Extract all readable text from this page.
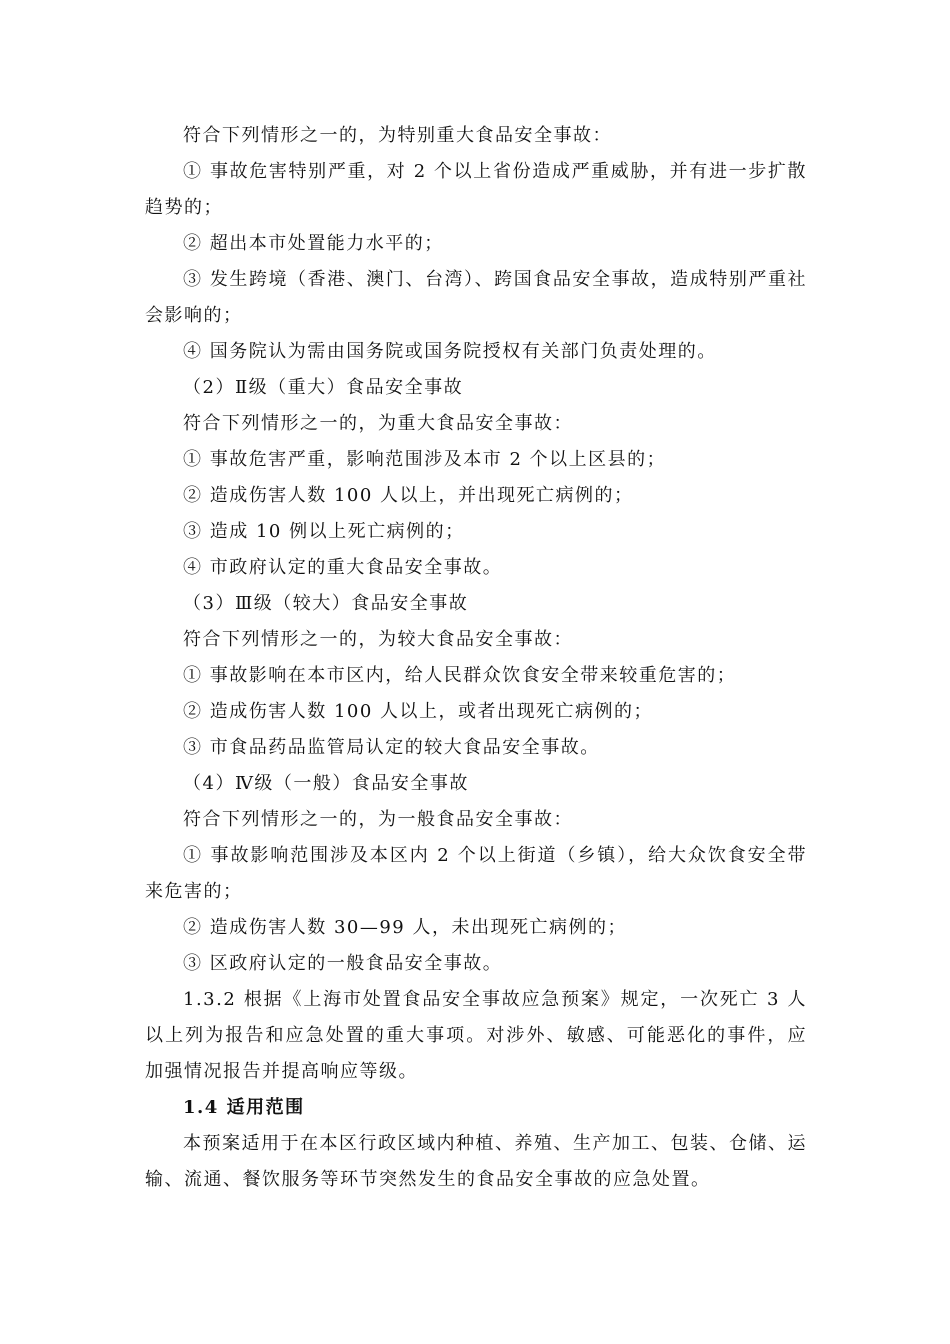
符合下列情形之一的，为特别重大食品安全事故：

① 事故危害特别严重，对 2 个以上省份造成严重威胁，并有进一步扩散趋势的；

② 超出本市处置能力水平的；

③ 发生跨境（香港、澳门、台湾）、跨国食品安全事故，造成特别严重社会影响的；

④ 国务院认为需由国务院或国务院授权有关部门负责处理的。

（2）Ⅱ级（重大）食品安全事故

符合下列情形之一的，为重大食品安全事故：

① 事故危害严重，影响范围涉及本市 2 个以上区县的；

② 造成伤害人数 100 人以上，并出现死亡病例的；

③ 造成 10 例以上死亡病例的；

④ 市政府认定的重大食品安全事故。

（3）Ⅲ级（较大）食品安全事故

符合下列情形之一的，为较大食品安全事故：

① 事故影响在本市区内，给人民群众饮食安全带来较重危害的；

② 造成伤害人数 100 人以上，或者出现死亡病例的；

③ 市食品药品监管局认定的较大食品安全事故。

（4）Ⅳ级（一般）食品安全事故

符合下列情形之一的，为一般食品安全事故：

① 事故影响范围涉及本区内 2 个以上街道（乡镇），给大众饮食安全带来危害的；

② 造成伤害人数 30—99 人，未出现死亡病例的；

③ 区政府认定的一般食品安全事故。

1.3.2 根据《上海市处置食品安全事故应急预案》规定，一次死亡 3 人以上列为报告和应急处置的重大事项。对涉外、敏感、可能恶化的事件，应加强情况报告并提高响应等级。

1.4 适用范围

本预案适用于在本区行政区域内种植、养殖、生产加工、包装、仓储、运输、流通、餐饮服务等环节突然发生的食品安全事故的应急处置。
